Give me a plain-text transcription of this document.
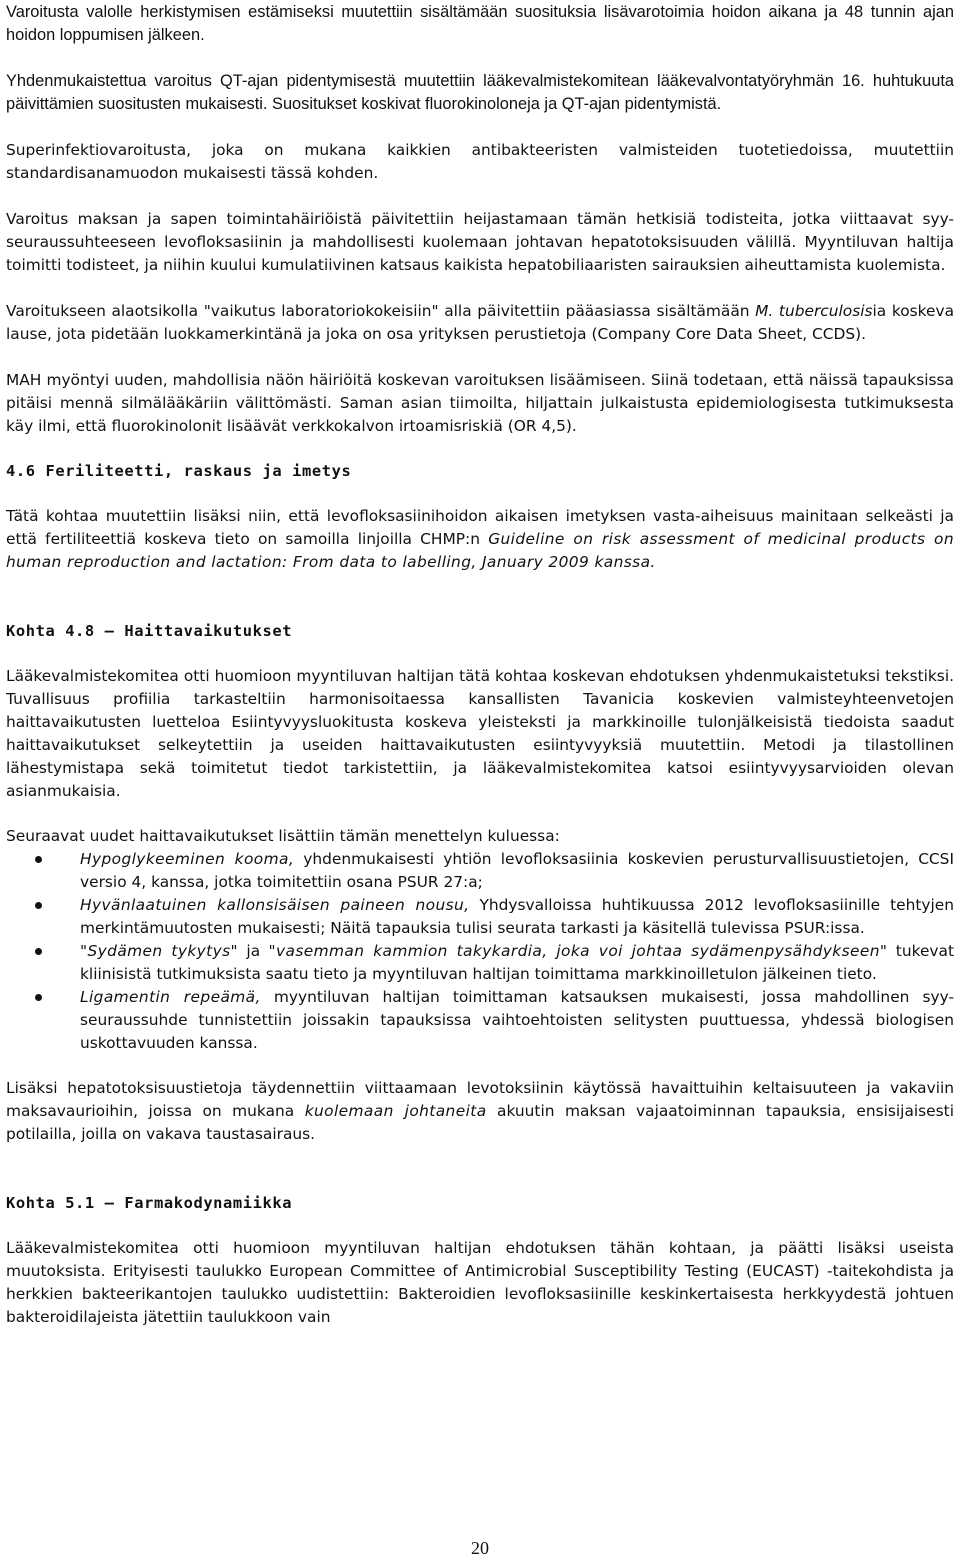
Varoitusta valolle herkistymisen estämiseksi muutettiin sisältämään suosituksia lisävarotoimia hoidon aikana ja 48 tunnin ajan hoidon loppumisen jälkeen.

Yhdenmukaistettua varoitus QT-ajan pidentymisestä muutettiin lääkevalmistekomitean lääkevalvontatyöryhmän 16. huhtukuuta päivittämien suositusten mukaisesti. Suositukset koskivat fluorokinoloneja ja QT-ajan pidentymistä.

Superinfektiovaroitusta, joka on mukana kaikkien antibakteeristen valmisteiden tuotetiedoissa, muutettiin standardisanamuodon mukaisesti tässä kohden.

Varoitus maksan ja sapen toimintahäiriöistä päivitettiin heijastamaan tämän hetkisiä todisteita, jotka viittaavat syy-seuraussuhteeseen levofloksasiinin ja mahdollisesti kuolemaan johtavan hepatotoksisuuden välillä. Myyntiluvan haltija toimitti todisteet, ja niihin kuului kumulatiivinen katsaus kaikista hepatobiliaaristen sairauksien aiheuttamista kuolemista.

Varoitukseen alaotsikolla "vaikutus laboratoriokokeisiin" alla päivitettiin pääasiassa sisältämään M. tuberculosisia koskeva lause, jota pidetään luokkamerkintänä ja joka on osa yrityksen perustietoja (Company Core Data Sheet, CCDS).

MAH myöntyi uuden, mahdollisia näön häiriöitä koskevan varoituksen lisäämiseen. Siinä todetaan, että näissä tapauksissa pitäisi mennä silmälääkäriin välittömästi. Saman asian tiimoilta, hiljattain julkaistusta epidemiologisesta tutkimuksesta käy ilmi, että fluorokinolonit lisäävät verkkokalvon irtoamisriskiä (OR 4,5).

4.6 Feriliteetti, raskaus ja imetys

Tätä kohtaa muutettiin lisäksi niin, että levofloksasiinihoidon aikaisen imetyksen vasta-aiheisuus mainitaan selkeästi ja että fertiliteettiä koskeva tieto on samoilla linjoilla CHMP:n Guideline on risk assessment of medicinal products on human reproduction and lactation: From data to labelling, January 2009 kanssa.

Kohta 4.8 — Haittavaikutukset

Lääkevalmistekomitea otti huomioon myyntiluvan haltijan tätä kohtaa koskevan ehdotuksen yhdenmukaistetuksi tekstiksi. Tuvallisuus profiilia tarkasteltiin harmonisoitaessa kansallisten Tavanicia koskevien valmisteyhteenvetojen haittavaikutusten luetteloa Esiintyvyysluokitusta koskeva yleisteksti ja markkinoille tulonjälkeisistä tiedoista saadut haittavaikutukset selkeytettiin ja useiden haittavaikutusten esiintyvyyksiä muutettiin. Metodi ja tilastollinen lähestymistapa sekä toimitetut tiedot tarkistettiin, ja lääkevalmistekomitea katsoi esiintyvyysarvioiden olevan asianmukaisia.

Seuraavat uudet haittavaikutukset lisättiin tämän menettelyn kuluessa:

Hypoglykeeminen kooma, yhdenmukaisesti yhtiön levofloksasiinia koskevien perusturvallisuustietojen, CCSI versio 4, kanssa, jotka toimitettiin osana PSUR 27:a;
Hyvänlaatuinen kallonsisäisen paineen nousu, Yhdysvalloissa huhtikuussa 2012 levofloksasiinille tehtyjen merkintämuutosten mukaisesti; Näitä tapauksia tulisi seurata tarkasti ja käsitellä tulevissa PSUR:issa.
"Sydämen tykytys" ja "vasemman kammion takykardia, joka voi johtaa sydämenpysähdykseen" tukevat kliinisistä tutkimuksista saatu tieto ja myyntiluvan haltijan toimittama markkinoilletulon jälkeinen tieto.
Ligamentin repeämä, myyntiluvan haltijan toimittaman katsauksen mukaisesti, jossa mahdollinen syy-seuraussuhde tunnistettiin joissakin tapauksissa vaihtoehtoisten selitysten puuttuessa, yhdessä biologisen uskottavuuden kanssa.

Lisäksi hepatotoksisuustietoja täydennettiin viittaamaan levotoksiinin käytössä havaittuihin keltaisuuteen ja vakaviin maksavaurioihin, joissa on mukana kuolemaan johtaneita akuutin maksan vajaatoiminnan tapauksia, ensisijaisesti potilailla, joilla on vakava taustasairaus.

Kohta 5.1 — Farmakodynamiikka

Lääkevalmistekomitea otti huomioon myyntiluvan haltijan ehdotuksen tähän kohtaan, ja päätti lisäksi useista muutoksista. Erityisesti taulukko European Committee of Antimicrobial Susceptibility Testing (EUCAST) -taitekohdista ja herkkien bakteerikantojen taulukko uudistettiin: Bakteroidien levofloksasiinille keskinkertaisesta herkkyydestä johtuen bakteroidilajeista jätettiin taulukkoon vain

20
